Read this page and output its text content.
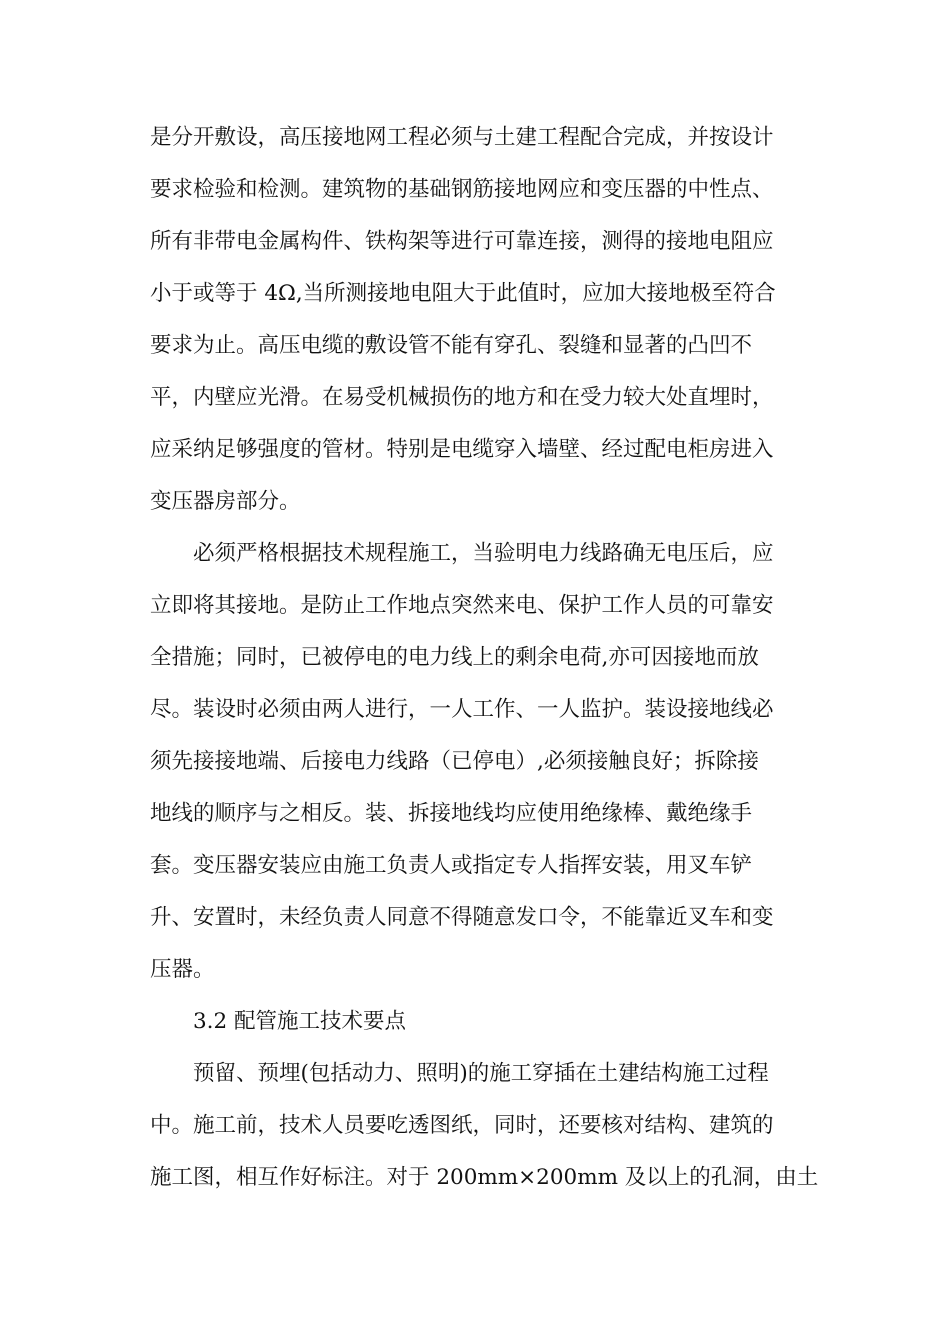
是分开敷设，高压接地网工程必须与土建工程配合完成，并按设计
要求检验和检测。建筑物的基础钢筋接地网应和变压器的中性点、
所有非带电金属构件、铁构架等进行可靠连接，测得的接地电阻应
小于或等于 4Ω,当所测接地电阻大于此值时，应加大接地极至符合
要求为止。高压电缆的敷设管不能有穿孔、裂缝和显著的凸凹不
平，内壁应光滑。在易受机械损伤的地方和在受力较大处直埋时，
应采纳足够强度的管材。特别是电缆穿入墙壁、经过配电柜房进入
变压器房部分。
必须严格根据技术规程施工，当验明电力线路确无电压后，应
立即将其接地。是防止工作地点突然来电、保护工作人员的可靠安
全措施；同时，已被停电的电力线上的剩余电荷,亦可因接地而放
尽。装设时必须由两人进行，一人工作、一人监护。装设接地线必
须先接接地端、后接电力线路（已停电）,必须接触良好；拆除接
地线的顺序与之相反。装、拆接地线均应使用绝缘棒、戴绝缘手
套。变压器安装应由施工负责人或指定专人指挥安装，用叉车铲
升、安置时，未经负责人同意不得随意发口令，不能靠近叉车和变
压器。
3.2 配管施工技术要点
预留、预埋(包括动力、照明)的施工穿插在土建结构施工过程
中。施工前，技术人员要吃透图纸，同时，还要核对结构、建筑的
施工图，相互作好标注。对于 200mm×200mm 及以上的孔洞，由土
